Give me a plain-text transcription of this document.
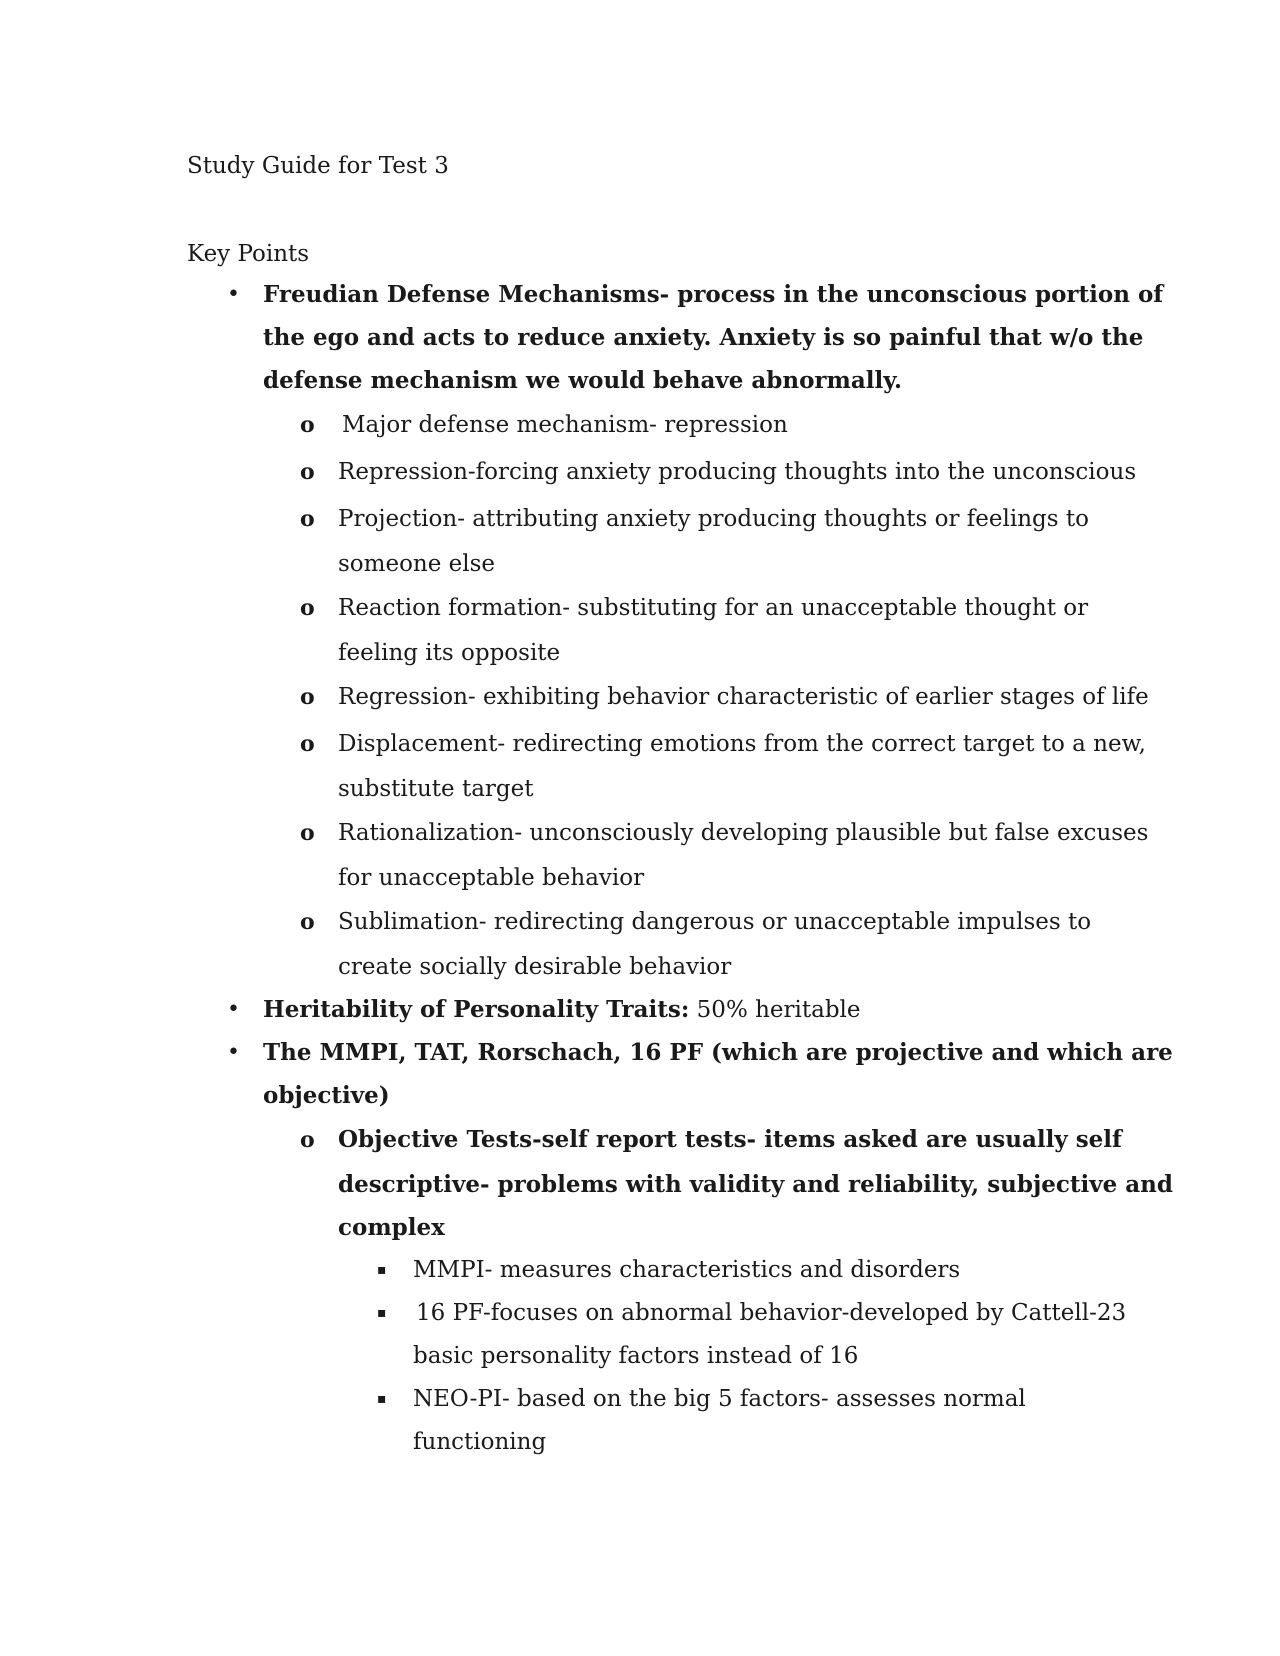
Study Guide for Test 3
Key Points
• Freudian Defense Mechanisms- process in the unconscious portion of
the ego and acts to reduce anxiety. Anxiety is so painful that w/o the
defense mechanism we would behave abnormally.
o Major defense mechanism- repression
o Repression-forcing anxiety producing thoughts into the unconscious
o Projection- attributing anxiety producing thoughts or feelings to
someone else
o Reaction formation- substituting for an unacceptable thought or
feeling its opposite
o Regression- exhibiting behavior characteristic of earlier stages of life
o Displacement- redirecting emotions from the correct target to a new,
substitute target
o Rationalization- unconsciously developing plausible but false excuses
for unacceptable behavior
o Sublimation- redirecting dangerous or unacceptable impulses to
create socially desirable behavior
• Heritability of Personality Traits: 50% heritable
• The MMPI, TAT, Rorschach, 16 PF (which are projective and which are
objective)
o Objective Tests-self report tests- items asked are usually self
descriptive- problems with validity and reliability, subjective and
complex
▪ MMPI- measures characteristics and disorders
▪ 16 PF-focuses on abnormal behavior-developed by Cattell-23
basic personality factors instead of 16
▪ NEO-PI- based on the big 5 factors- assesses normal
functioning
